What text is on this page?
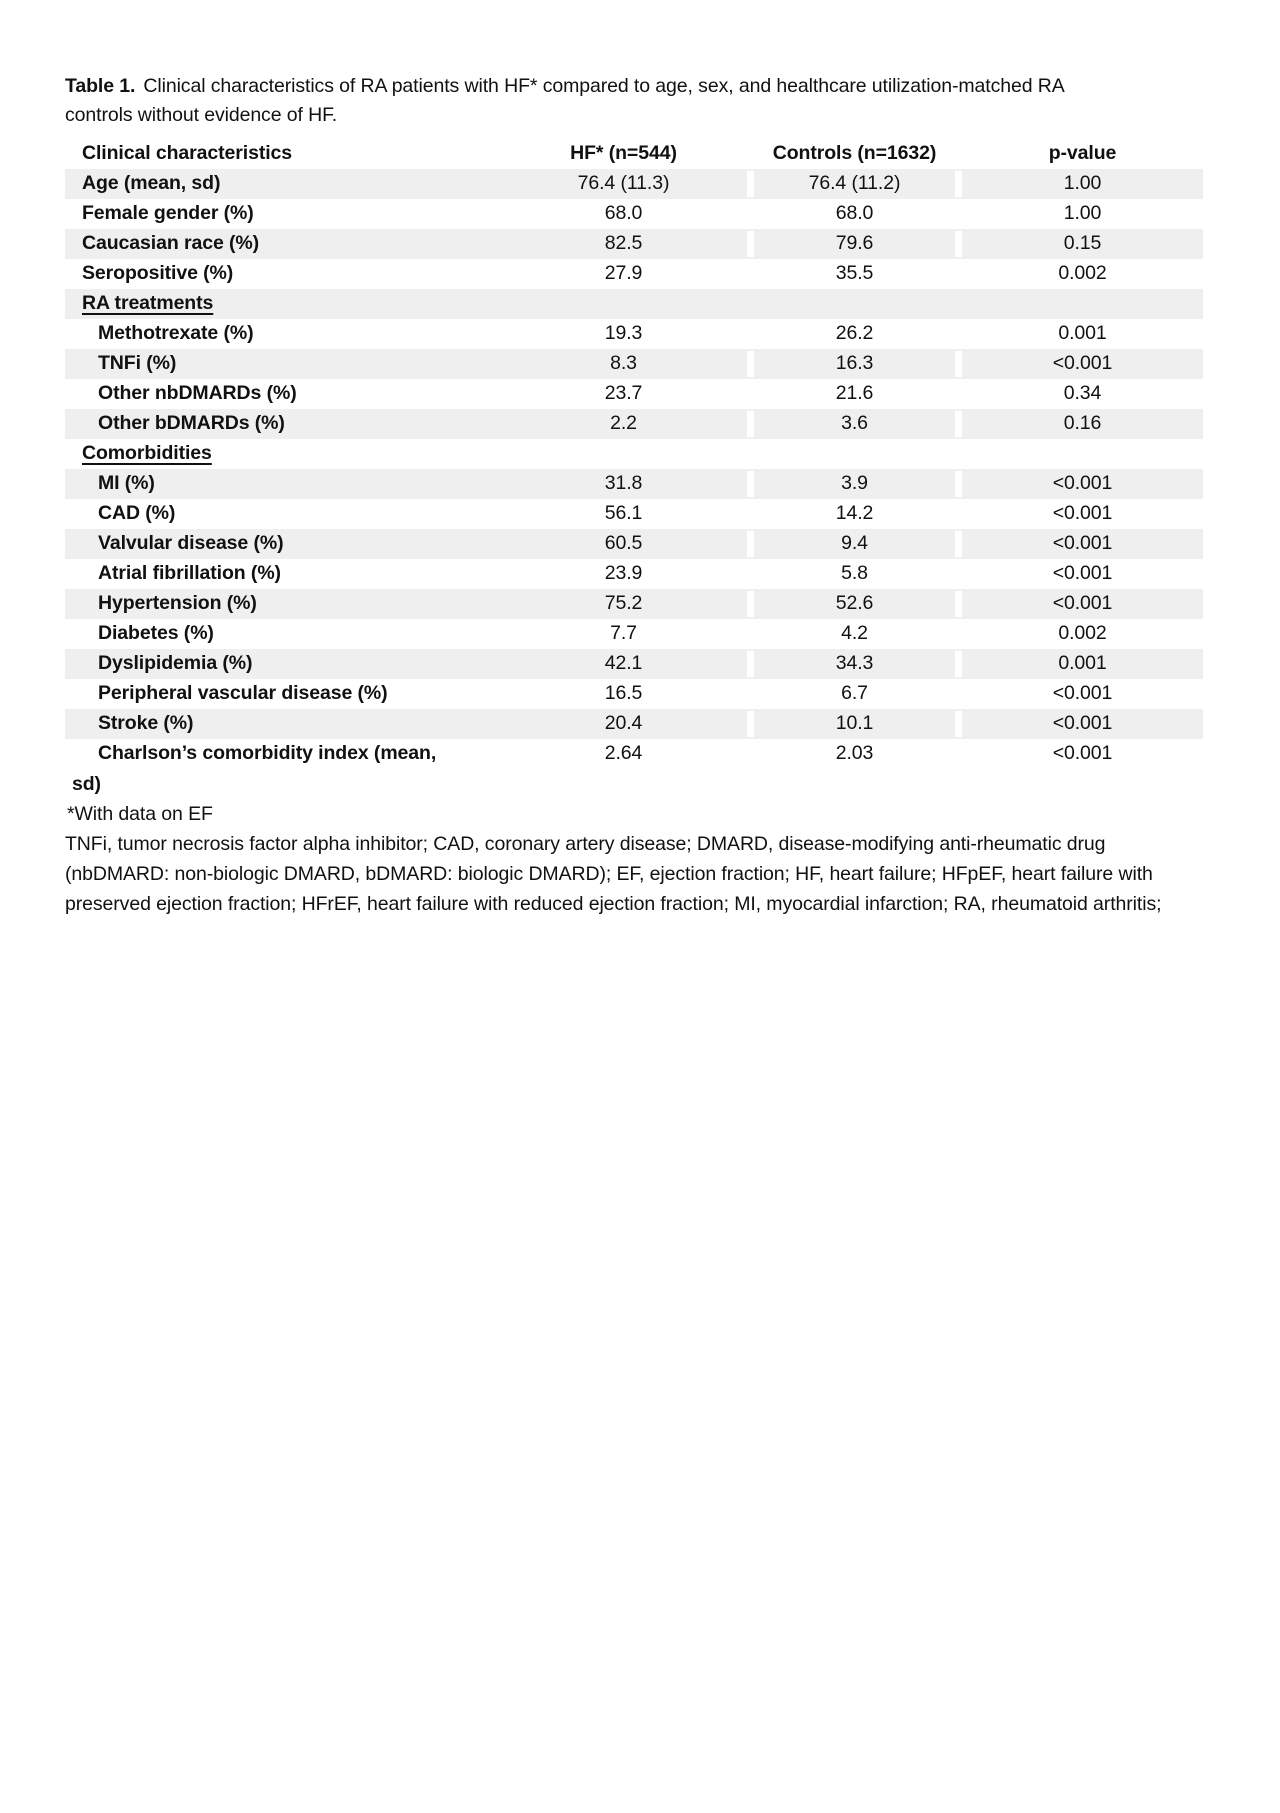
Table 1. Clinical characteristics of RA patients with HF* compared to age, sex, and healthcare utilization-matched RA controls without evidence of HF.

Clinical characteristics	HF* (n=544)	Controls (n=1632)	p-value
Age (mean, sd)	76.4 (11.3)	76.4 (11.2)	1.00
Female gender (%)	68.0	68.0	1.00
Caucasian race (%)	82.5	79.6	0.15
Seropositive (%)	27.9	35.5	0.002
RA treatments
Methotrexate (%)	19.3	26.2	0.001
TNFi (%)	8.3	16.3	<0.001
Other nbDMARDs (%)	23.7	21.6	0.34
Other bDMARDs (%)	2.2	3.6	0.16
Comorbidities
MI (%)	31.8	3.9	<0.001
CAD (%)	56.1	14.2	<0.001
Valvular disease (%)	60.5	9.4	<0.001
Atrial fibrillation (%)	23.9	5.8	<0.001
Hypertension (%)	75.2	52.6	<0.001
Diabetes (%)	7.7	4.2	0.002
Dyslipidemia (%)	42.1	34.3	0.001
Peripheral vascular disease (%)	16.5	6.7	<0.001
Stroke (%)	20.4	10.1	<0.001
Charlson’s comorbidity index (mean,	2.64	2.03	<0.001
sd)
*With data on EF
TNFi, tumor necrosis factor alpha inhibitor; CAD, coronary artery disease; DMARD, disease-modifying anti-rheumatic drug (nbDMARD: non-biologic DMARD, bDMARD: biologic DMARD); EF, ejection fraction; HF, heart failure; HFpEF, heart failure with preserved ejection fraction; HFrEF, heart failure with reduced ejection fraction; MI, myocardial infarction; RA, rheumatoid arthritis;
